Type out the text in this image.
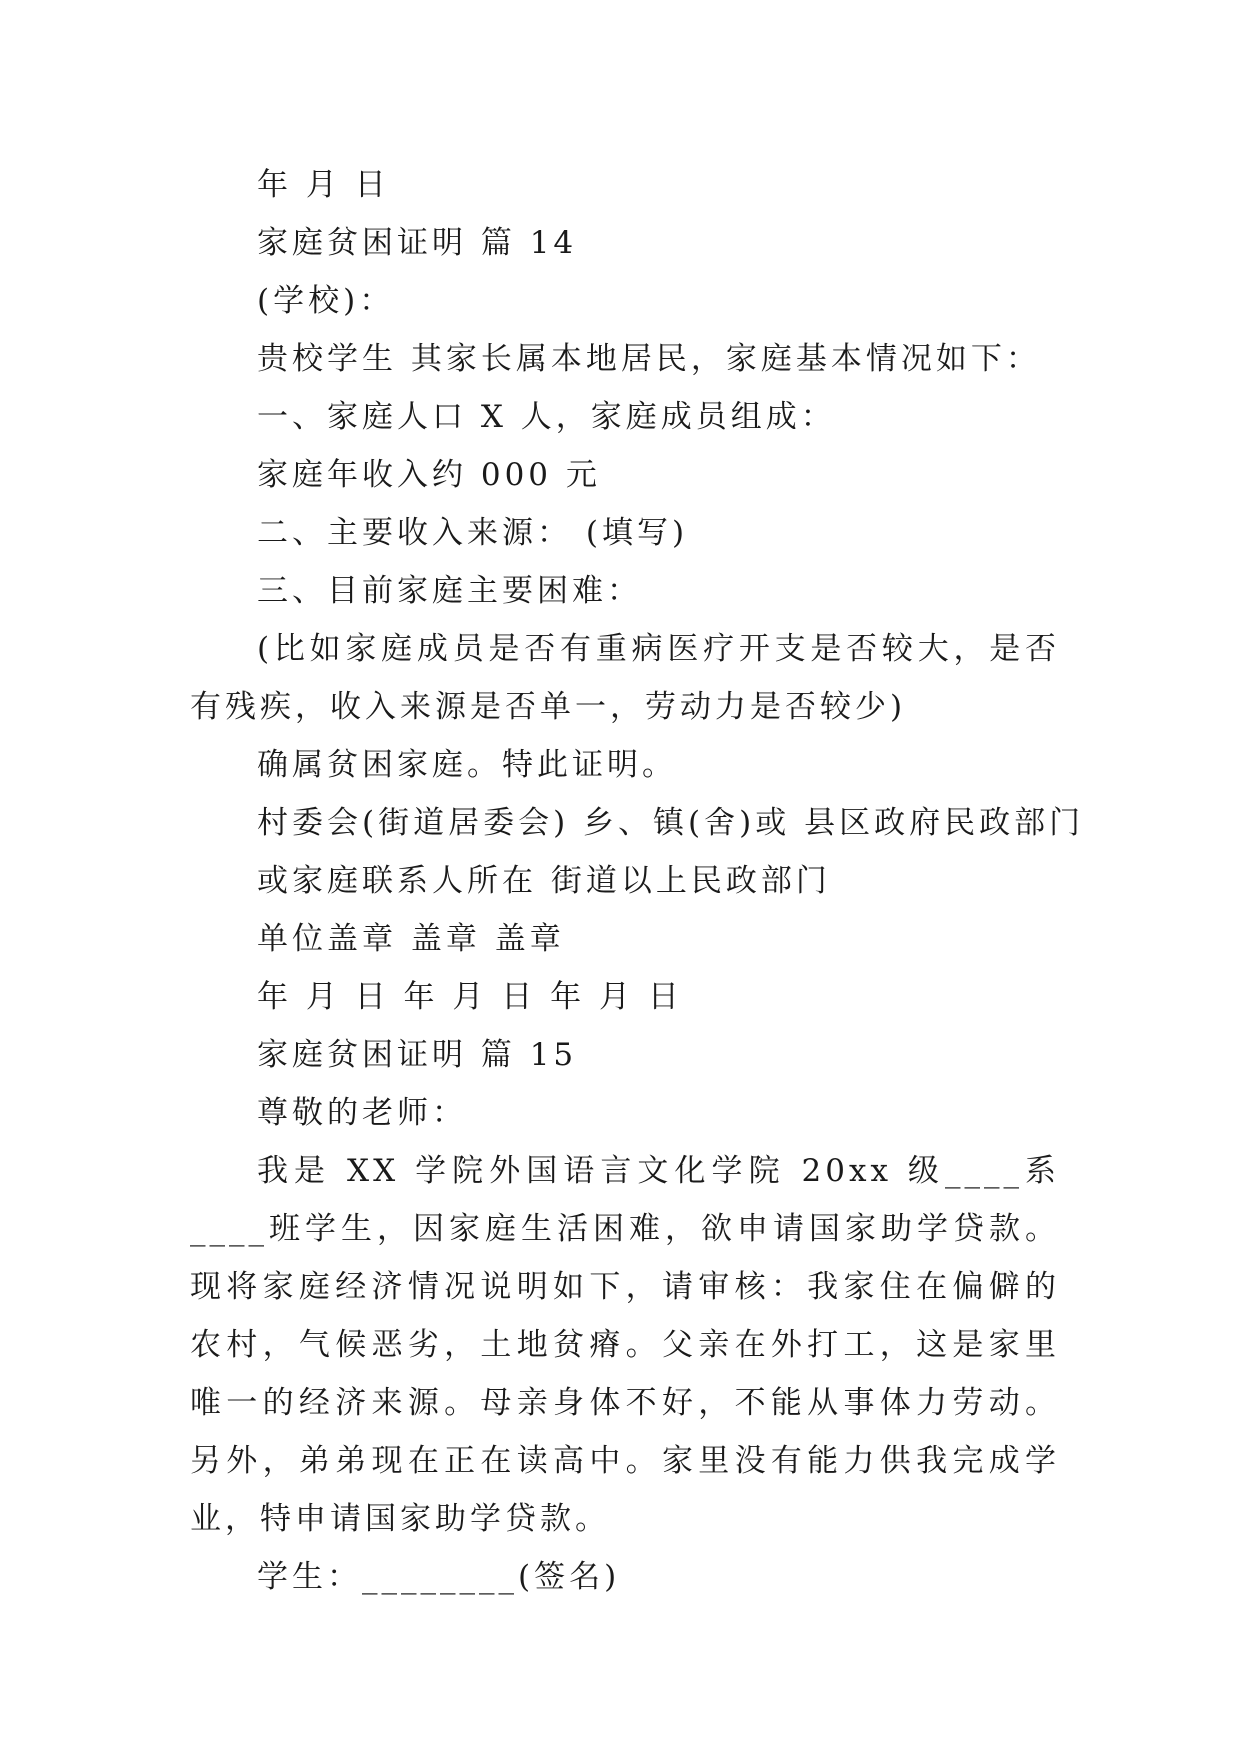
年 月 日
家庭贫困证明 篇 14
(学校)：
贵校学生 其家长属本地居民，家庭基本情况如下：
一、家庭人口 X 人，家庭成员组成：
家庭年收入约 000 元
二、主要收入来源： (填写)
三、目前家庭主要困难：

(比如家庭成员是否有重病医疗开支是否较大，是否有残疾，收入来源是否单一，劳动力是否较少)

确属贫困家庭。特此证明。
村委会(街道居委会) 乡、镇(舍)或 县区政府民政部门
或家庭联系人所在 街道以上民政部门
单位盖章 盖章 盖章
年 月 日 年 月 日 年 月 日
家庭贫困证明 篇 15
尊敬的老师：

我是 XX 学院外国语言文化学院 20xx 级____系____班学生，因家庭生活困难，欲申请国家助学贷款。现将家庭经济情况说明如下，请审核：我家住在偏僻的农村，气候恶劣，土地贫瘠。父亲在外打工，这是家里唯一的经济来源。母亲身体不好，不能从事体力劳动。另外，弟弟现在正在读高中。家里没有能力供我完成学业，特申请国家助学贷款。

学生：________(签名)
